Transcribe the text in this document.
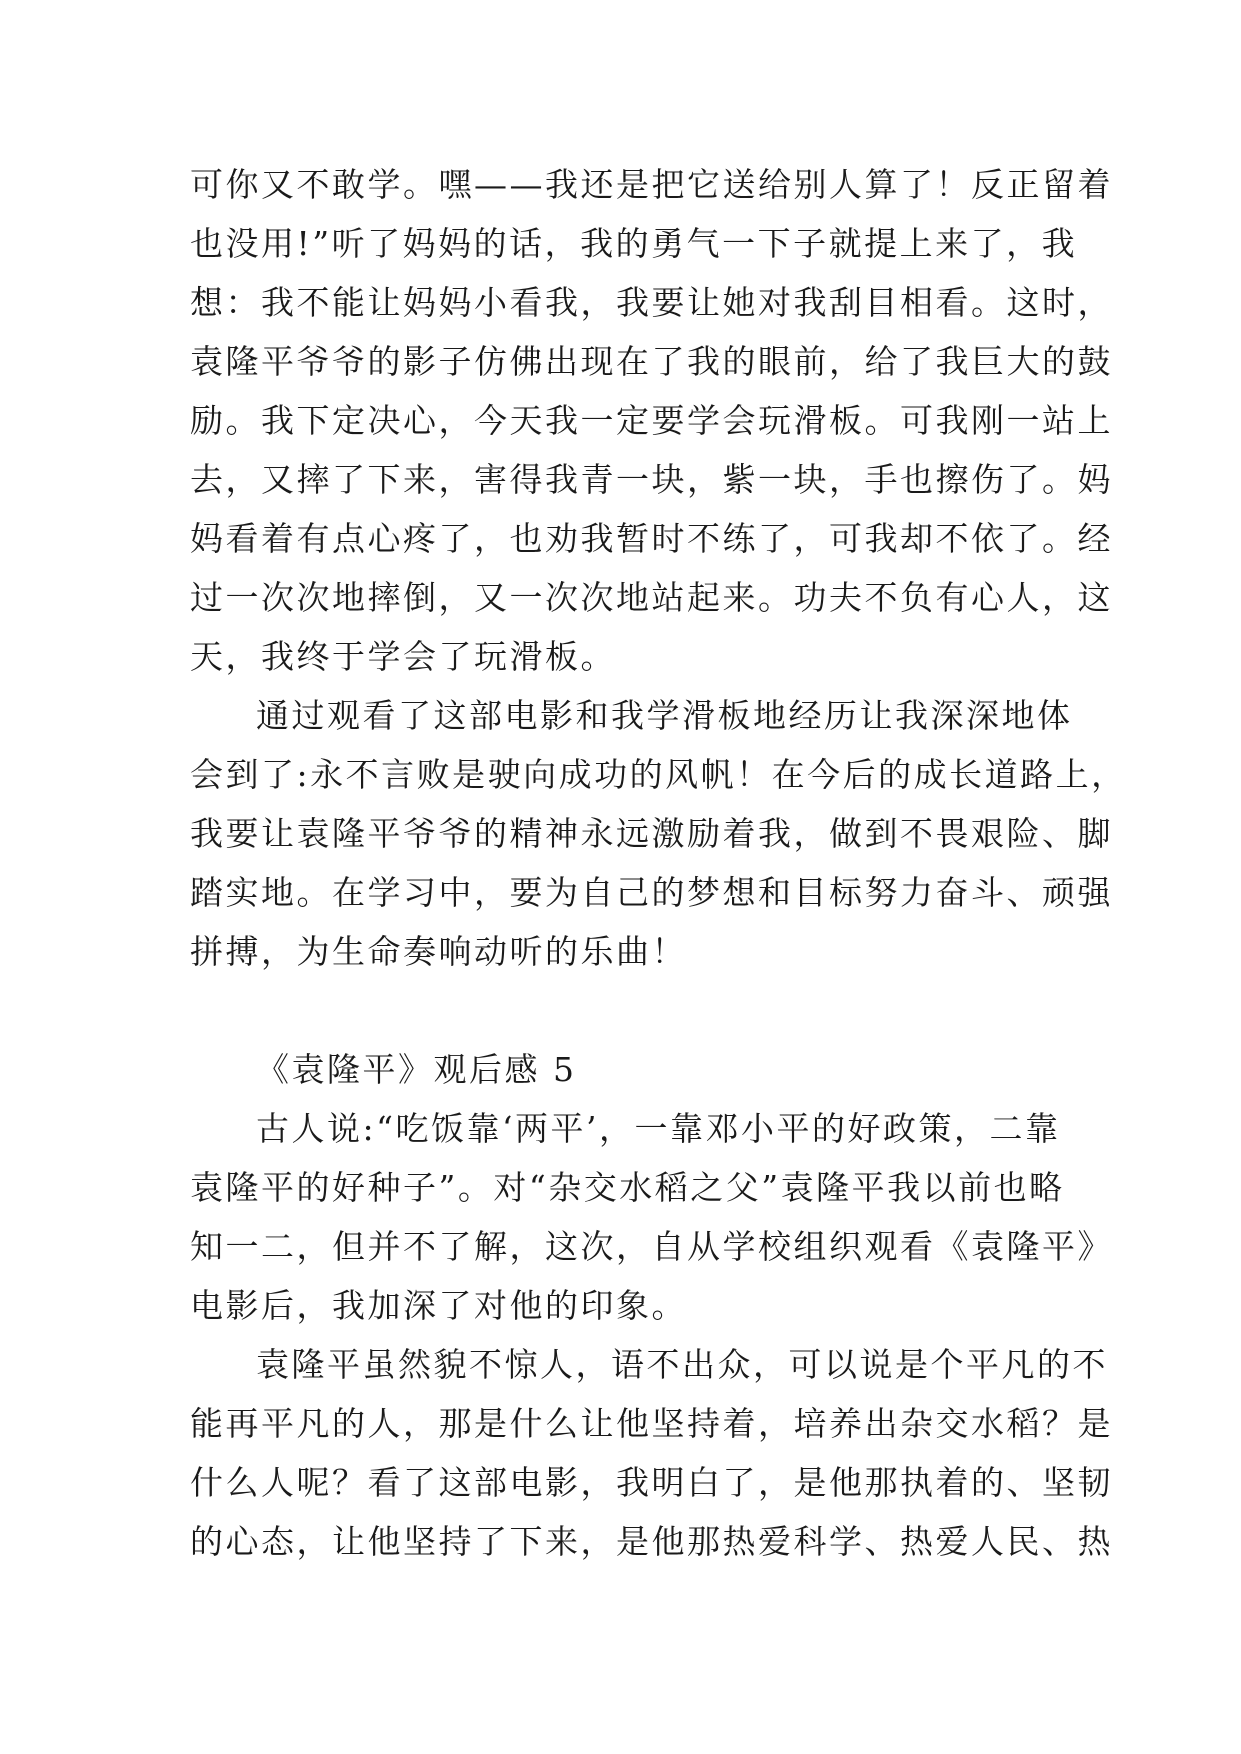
可你又不敢学。嘿——我还是把它送给别人算了！反正留着
也没用!”听了妈妈的话，我的勇气一下子就提上来了，我
想：我不能让妈妈小看我，我要让她对我刮目相看。这时，
袁隆平爷爷的影子仿佛出现在了我的眼前，给了我巨大的鼓
励。我下定决心，今天我一定要学会玩滑板。可我刚一站上
去，又摔了下来，害得我青一块，紫一块，手也擦伤了。妈
妈看着有点心疼了，也劝我暂时不练了，可我却不依了。经
过一次次地摔倒，又一次次地站起来。功夫不负有心人，这
天，我终于学会了玩滑板。
通过观看了这部电影和我学滑板地经历让我深深地体
会到了:永不言败是驶向成功的风帆！在今后的成长道路上，
我要让袁隆平爷爷的精神永远激励着我，做到不畏艰险、脚
踏实地。在学习中，要为自己的梦想和目标努力奋斗、顽强
拼搏，为生命奏响动听的乐曲！
《袁隆平》观后感 5
古人说:“吃饭靠‘两平’，一靠邓小平的好政策，二靠
袁隆平的好种子”。对“杂交水稻之父”袁隆平我以前也略
知一二，但并不了解，这次，自从学校组织观看《袁隆平》
电影后，我加深了对他的印象。
袁隆平虽然貌不惊人，语不出众，可以说是个平凡的不
能再平凡的人，那是什么让他坚持着，培养出杂交水稻？是
什么人呢？看了这部电影，我明白了，是他那执着的、坚韧
的心态，让他坚持了下来，是他那热爱科学、热爱人民、热
